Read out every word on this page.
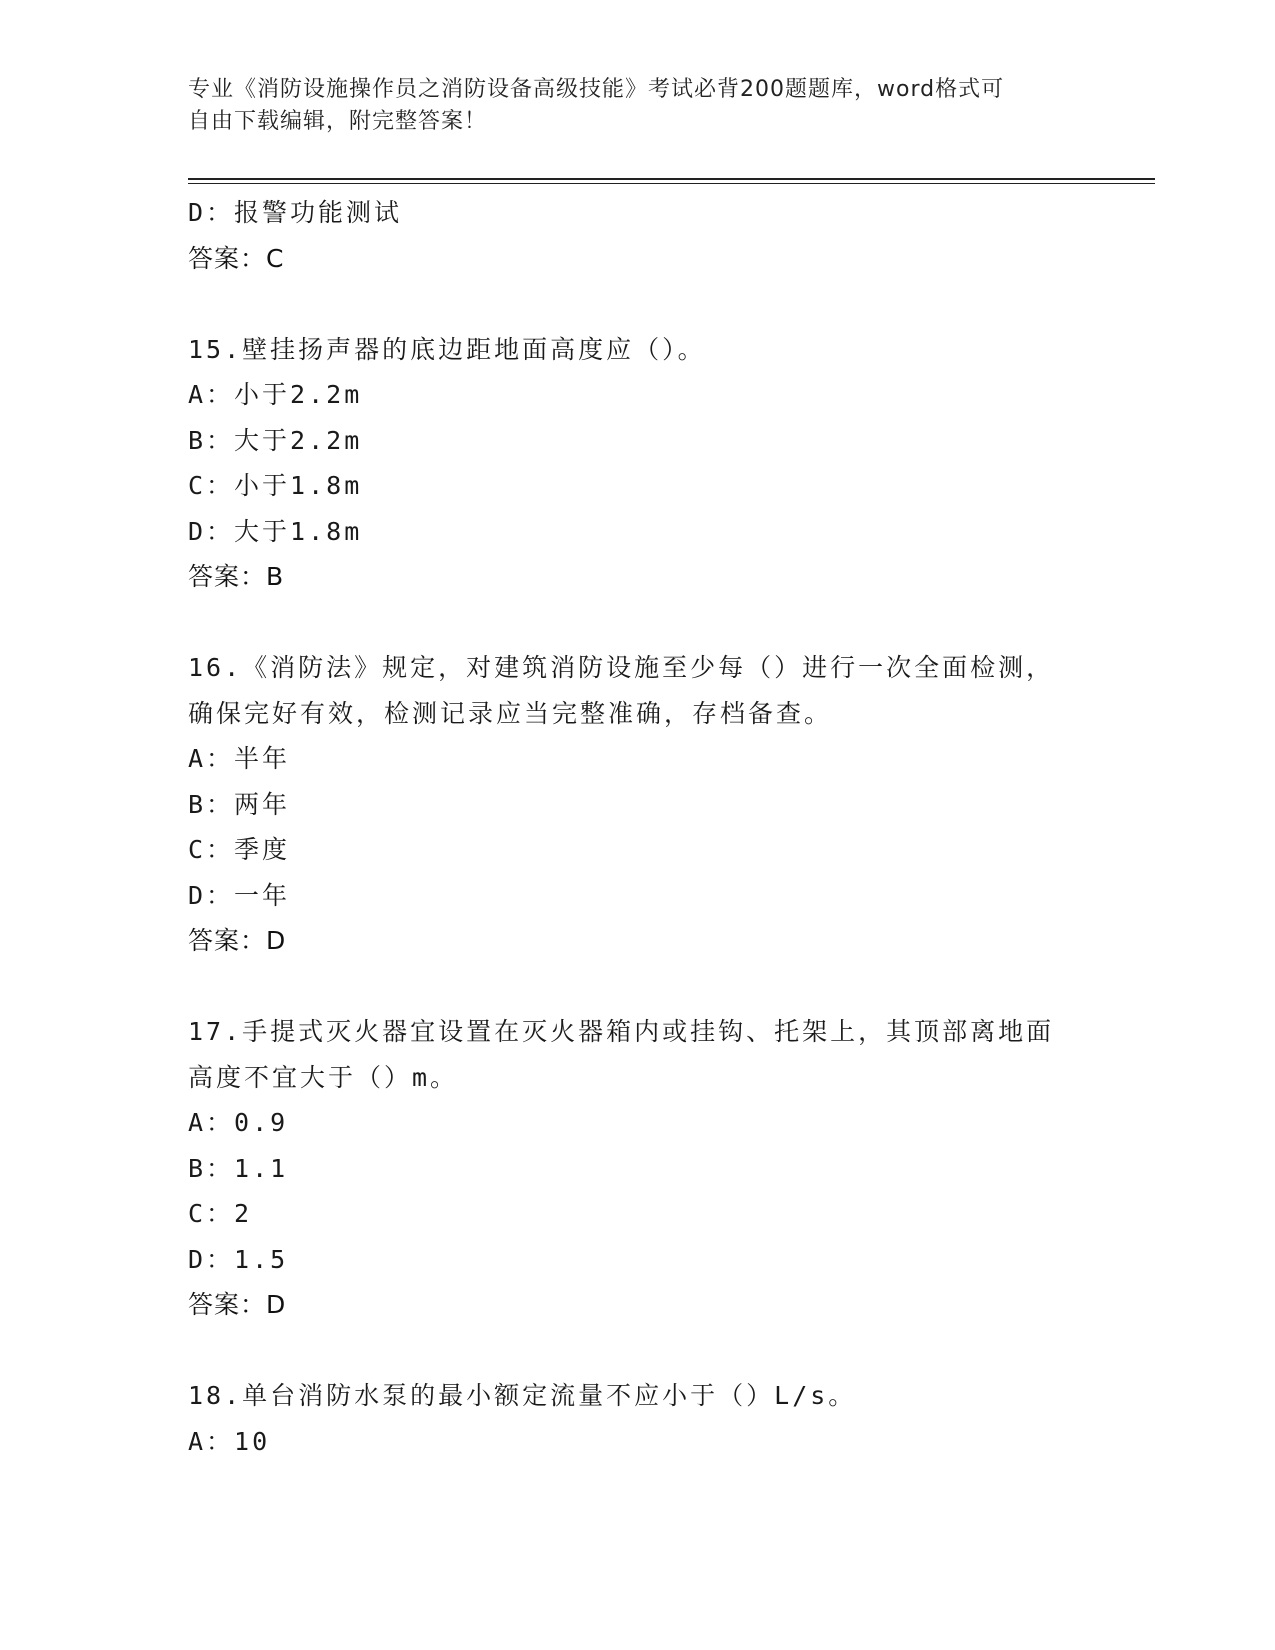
专业《消防设施操作员之消防设备高级技能》考试必背200题题库，word格式可
自由下载编辑，附完整答案！
D：报警功能测试
答案：C
15.壁挂扬声器的底边距地面高度应（）。
A：小于2.2m
B：大于2.2m
C：小于1.8m
D：大于1.8m
答案：B
16.《消防法》规定，对建筑消防设施至少每（）进行一次全面检测，
确保完好有效，检测记录应当完整准确，存档备查。
A：半年
B：两年
C：季度
D：一年
答案：D
17.手提式灭火器宜设置在灭火器箱内或挂钩、托架上，其顶部离地面
高度不宜大于（）m。
A：0.9
B：1.1
C：2
D：1.5
答案：D
18.单台消防水泵的最小额定流量不应小于（）L/s。
A：10
